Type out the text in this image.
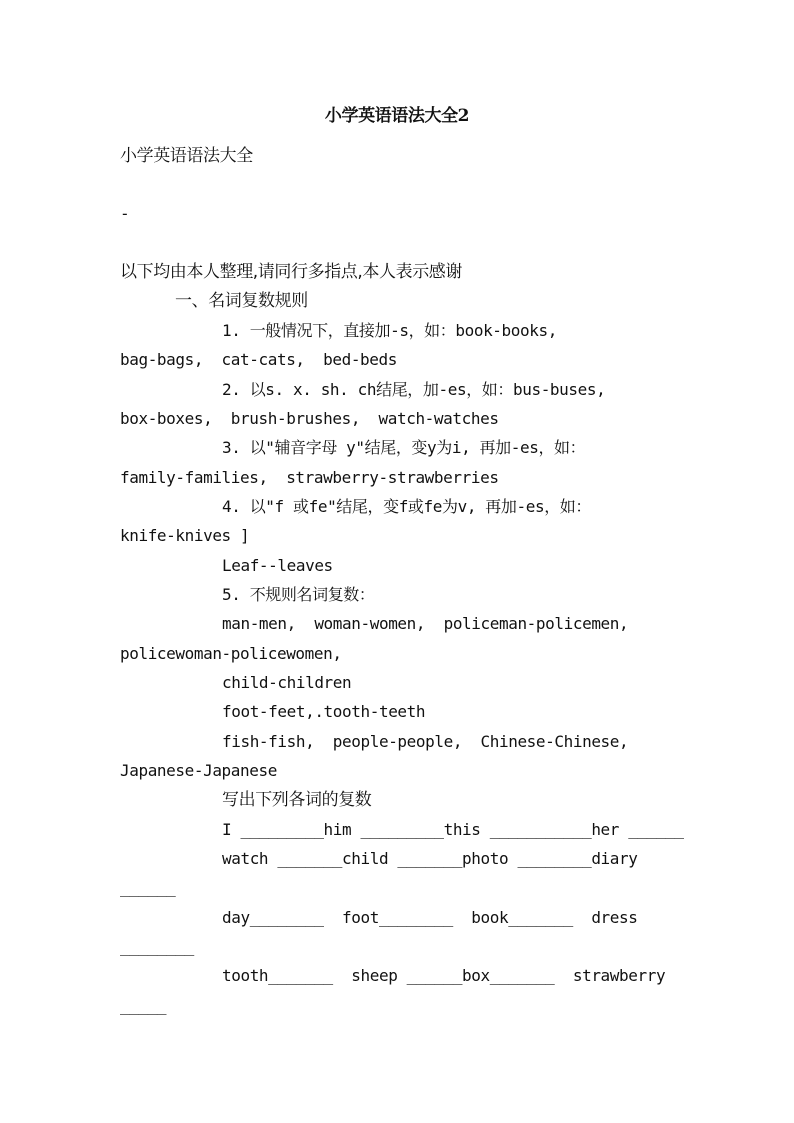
小学英语语法大全2
小学英语语法大全
-
以下均由本人整理,请同行多指点,本人表示感谢
一、名词复数规则
1. 一般情况下，直接加-s，如：book-books,
bag-bags,  cat-cats,  bed-beds
2. 以s. x. sh. ch结尾，加-es，如：bus-buses,
box-boxes,  brush-brushes,  watch-watches
3. 以"辅音字母 y"结尾，变y为i, 再加-es，如：
family-families,  strawberry-strawberries
4. 以"f 或fe"结尾，变f或fe为v, 再加-es，如：
knife-knives ]
Leaf--leaves
5. 不规则名词复数：
man-men,  woman-women,  policeman-policemen,
policewoman-policewomen,
child-children
foot-feet,.tooth-teeth
fish-fish,  people-people,  Chinese-Chinese,
Japanese-Japanese
写出下列各词的复数
I _________him _________this ___________her ______
watch _______child _______photo ________diary
______
day________  foot________  book_______  dress
________
tooth_______  sheep ______box_______  strawberry
_____
